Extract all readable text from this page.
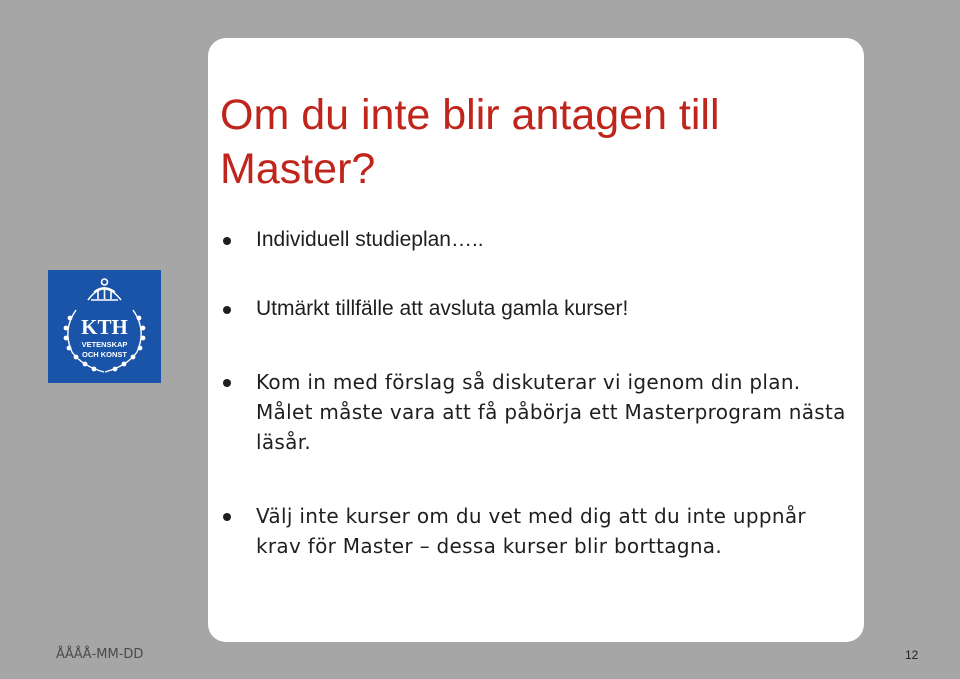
Om du inte blir antagen till Master?
KTH
VETENSKAP
OCH KONST
Individuell studieplan…..
Utmärkt tillfälle att avsluta gamla kurser!
Kom in med förslag så diskuterar vi igenom din plan. Målet måste vara att få påbörja ett Masterprogram nästa läsår.
Välj inte kurser om du vet med dig att du inte uppnår krav för Master – dessa kurser blir borttagna.
ÅÅÅÅ-MM-DD	12
